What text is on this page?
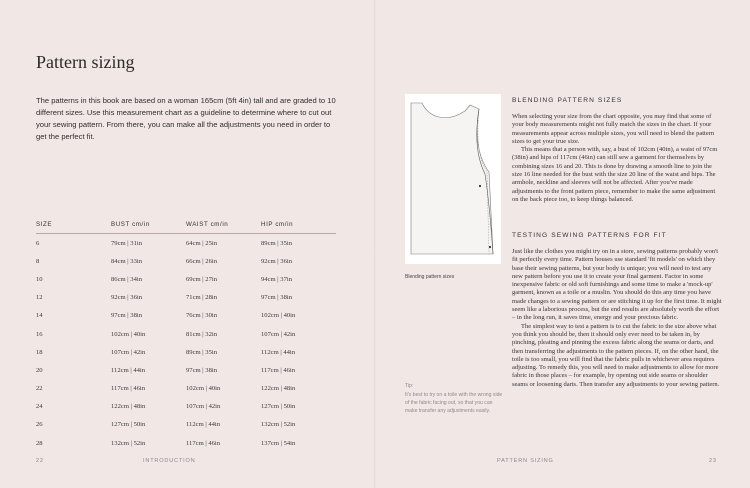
Pattern sizing

The patterns in this book are based on a woman 165cm (5ft 4in) tall and are graded to 10 different sizes. Use this measurement chart as a guideline to determine where to cut out your sewing pattern. From there, you can make all the adjustments you need in order to get the perfect fit.

SIZE	BUST cm/in	WAIST cm/in	HIP cm/in
6	79cm | 31in	64cm | 25in	89cm | 35in
8	84cm | 33in	66cm | 26in	92cm | 36in
10	86cm | 34in	69cm | 27in	94cm | 37in
12	92cm | 36in	71cm | 28in	97cm | 38in
14	97cm | 38in	76cm | 30in	102cm | 40in
16	102cm | 40in	81cm | 32in	107cm | 42in
18	107cm | 42in	89cm | 35in	112cm | 44in
20	112cm | 44in	97cm | 38in	117cm | 46in
22	117cm | 46in	102cm | 40in	122cm | 48in
24	122cm | 48in	107cm | 42in	127cm | 50in
26	127cm | 50in	112cm | 44in	132cm | 52in
28	132cm | 52in	117cm | 46in	137cm | 54in
22	INTRODUCTION
Blending pattern sizes
Tip:
It's best to try on a toile with the wrong side of the fabric facing out, so that you can make transfer any adjustments easily.
BLENDING PATTERN SIZES

When selecting your size from the chart opposite, you may find that some of your body measurements might not fully match the sizes in the chart. If your measurements appear across multiple sizes, you will need to blend the pattern sizes to get your true size.
This means that a person with, say, a bust of 102cm (40in), a waist of 97cm (38in) and hips of 117cm (46in) can still sew a garment for themselves by combining sizes 16 and 20. This is done by drawing a smooth line to join the size 16 line needed for the bust with the size 20 line of the waist and hips. The armhole, neckline and sleeves will not be affected. After you've made adjustments to the front pattern piece, remember to make the same adjustment on the back piece too, to keep things balanced.

TESTING SEWING PATTERNS FOR FIT

Just like the clothes you might try on in a store, sewing patterns probably won't fit perfectly every time. Pattern houses use standard 'fit models' on which they base their sewing patterns, but your body is unique; you will need to test any new pattern before you use it to create your final garment. Factor in some inexpensive fabric or old soft furnishings and some time to make a 'mock-up' garment, known as a toile or a muslin. You should do this any time you have made changes to a sewing pattern or are stitching it up for the first time. It might seem like a laborious process, but the end results are absolutely worth the effort – in the long run, it saves time, energy and your precious fabric.
The simplest way to test a pattern is to cut the fabric to the size above what you think you should be, then it should only ever need to be taken in, by pinching, pleating and pinning the excess fabric along the seams or darts, and then transferring the adjustments to the pattern pieces. If, on the other hand, the toile is too small, you will find that the fabric pulls in whichever area requires adjusting. To remedy this, you will need to make adjustments to allow for more fabric in those places – for example, by opening out side seams or shoulder seams or loosening darts. Then transfer any adjustments to your sewing pattern.

PATTERN SIZING	23
